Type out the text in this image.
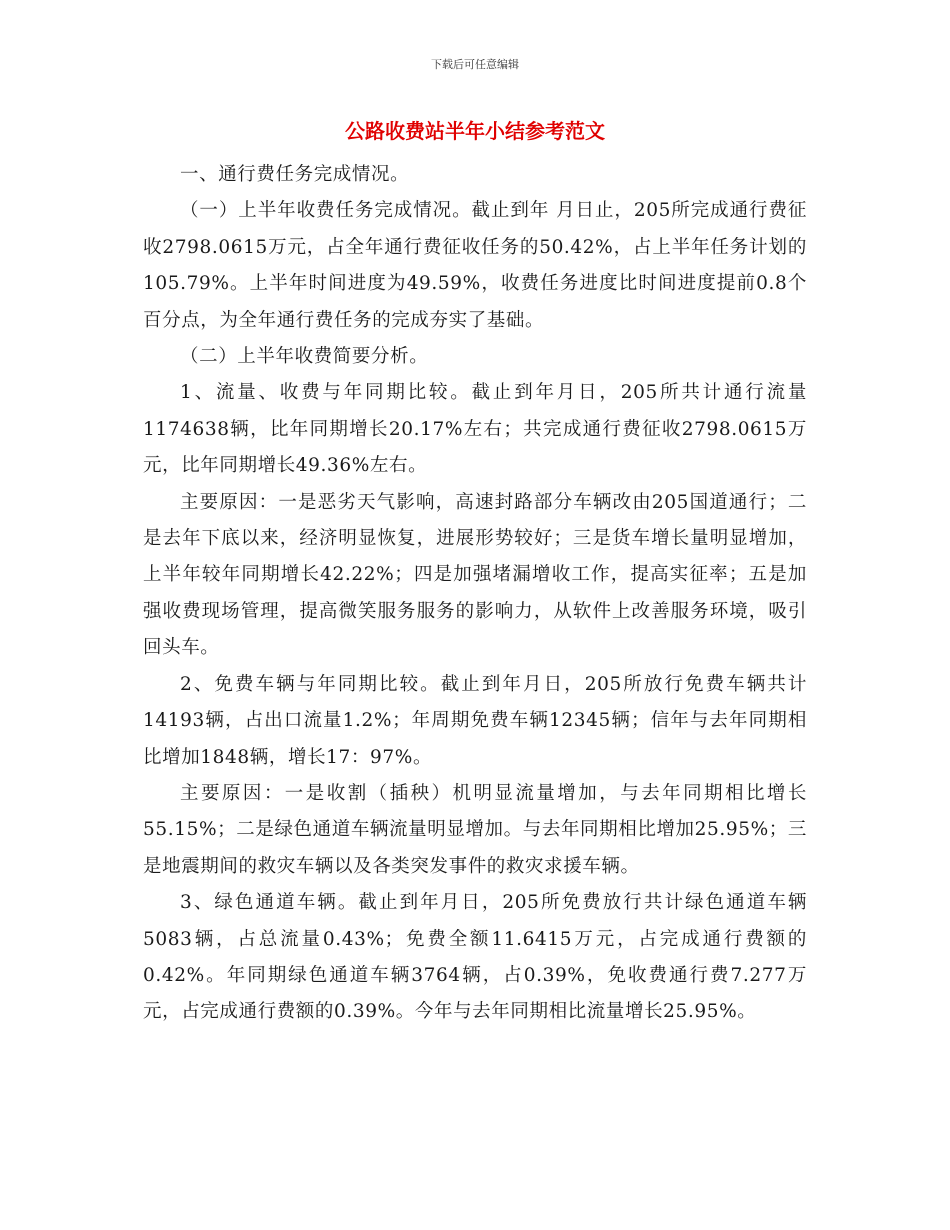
下载后可任意编辑
公路收费站半年小结参考范文

一、通行费任务完成情况。

（一）上半年收费任务完成情况。截止到年 月日止，205所完成通行费征收2798.0615万元，占全年通行费征收任务的50.42%，占上半年任务计划的105.79%。上半年时间进度为49.59%，收费任务进度比时间进度提前0.8个百分点，为全年通行费任务的完成夯实了基础。

（二）上半年收费简要分析。

1、流量、收费与年同期比较。截止到年月日，205所共计通行流量1174638辆，比年同期增长20.17%左右；共完成通行费征收2798.0615万元，比年同期增长49.36%左右。

主要原因：一是恶劣天气影响，高速封路部分车辆改由205国道通行；二是去年下底以来，经济明显恢复，进展形势较好；三是货车增长量明显增加，上半年较年同期增长42.22%；四是加强堵漏增收工作，提高实征率；五是加强收费现场管理，提高微笑服务服务的影响力，从软件上改善服务环境，吸引回头车。

2、免费车辆与年同期比较。截止到年月日，205所放行免费车辆共计14193辆，占出口流量1.2%；年周期免费车辆12345辆；信年与去年同期相比增加1848辆，增长17：97%。

主要原因：一是收割（插秧）机明显流量增加，与去年同期相比增长55.15%；二是绿色通道车辆流量明显增加。与去年同期相比增加25.95%；三是地震期间的救灾车辆以及各类突发事件的救灾求援车辆。

3、绿色通道车辆。截止到年月日，205所免费放行共计绿色通道车辆5083辆，占总流量0.43%；免费全额11.6415万元，占完成通行费额的0.42%。年同期绿色通道车辆3764辆，占0.39%，免收费通行费7.277万元，占完成通行费额的0.39%。今年与去年同期相比流量增长25.95%。
